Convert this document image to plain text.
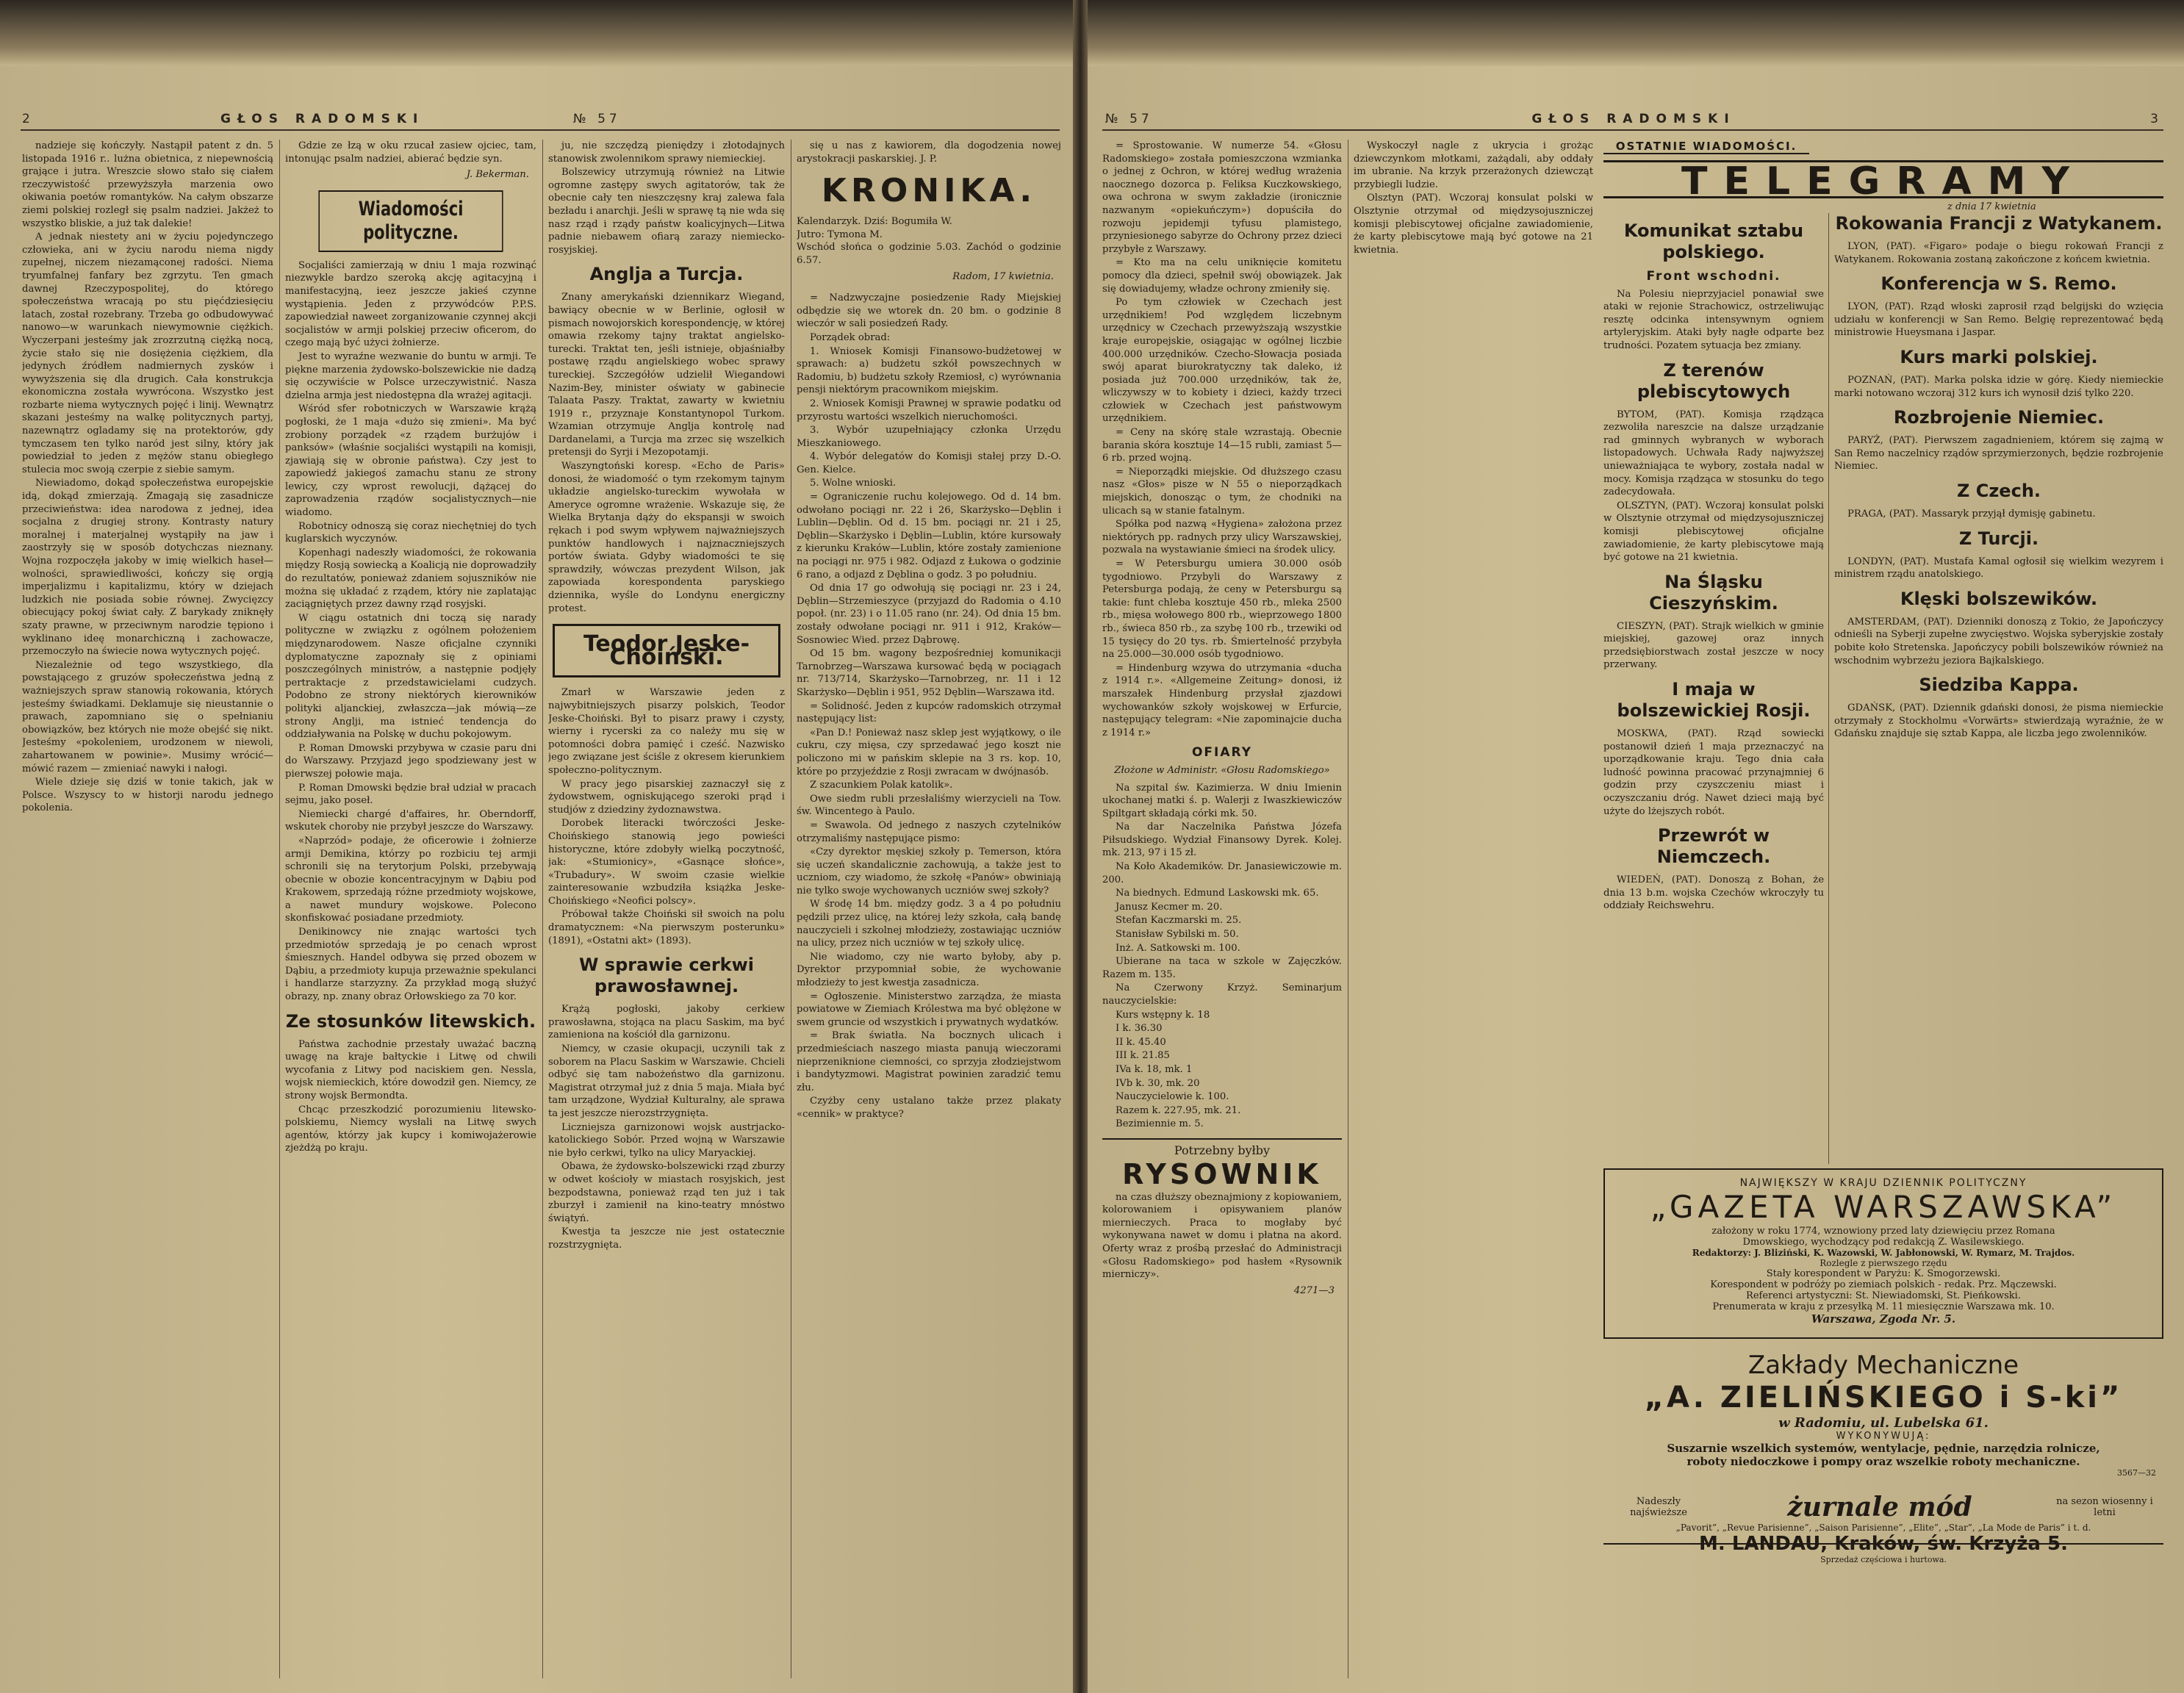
2	GŁOS RADOMSKI	№ 57	№ 57	GŁOS RADOMSKI	3

nadzieje się kończyły. Nastąpił patent z dn. 5 listopada 1916 r.. lużna obietnica, z niepewnością grające i jutra. Wreszcie słowo stało się ciałem rzeczywistość przewyższyła marzenia owo okiwania poetów romantyków. Na całym obszarze ziemi polskiej rozległ się psalm nadziei. Jakżeż to wszystko bliskie, a już tak dalekie!

A jednak niestety ani w życiu pojedynczego człowieka, ani w życiu narodu niema nigdy zupełnej, niczem niezamąconej radości. Niema tryumfalnej fanfary bez zgrzytu. Ten gmach dawnej Rzeczypospolitej, do którego społeczeństwa wracają po stu pięćdziesięciu latach, został rozebrany. Trzeba go odbudowywać nanowo—w warunkach niewymownie ciężkich. Wyczerpani jesteśmy jak zrozrzutną ciężką nocą, życie stało się nie dosiężenia ciężkiem, dla jedynych źródłem nadmiernych zysków i wywyższenia się dla drugich. Cała konstrukcja ekonomiczna została wywrócona. Wszystko jest rozbarte niema wytycznych pojęć i linij. Wewnątrz skazani jesteśmy na walkę politycznych partyj, nazewnątrz ogladamy się na protektorów, gdy tymczasem ten tylko naród jest silny, który jak powiedział to jeden z mężów stanu obiegłego stulecia moc swoją czerpie z siebie samym.

Niewiadomo, dokąd społeczeństwa europejskie idą, dokąd zmierzają. Zmagają się zasadnicze przeciwieństwa: idea narodowa z jednej, idea socjalna z drugiej strony. Kontrasty natury moralnej i materjalnej wystąpiły na jaw i zaostrzyły się w sposób dotychczas nieznany. Wojna rozpoczęła jakoby w imię wielkich haseł—wolności, sprawiedliwości, kończy się orgją imperjalizmu i kapitalizmu, który w dziejach ludzkich nie posiada sobie równej. Zwycięzcy obiecujący pokoj świat cały. Z barykady zniknęły szaty prawne, w przeciwnym narodzie tępiono i wyklinano ideę monarchiczną i zachowacze, przemoczyło na świecie nowa wytycznych pojęć.

Niezależnie od tego wszystkiego, dla powstającego z gruzów społeczeństwa jedną z ważniejszych spraw stanowią rokowania, których jesteśmy świadkami. Deklamuje się nieustannie o prawach, zapomniano się o spełnianiu obowiązków, bez których nie może obejść się nikt. Jesteśmy «pokoleniem, urodzonem w niewoli, zahartowanem w powinie». Musimy wrócić—mówić razem — zmieniać nawyki i nałogi.

Wiele dzieje się dziś w tonie takich, jak w Polsce. Wszyscy to w historji narodu jednego pokolenia.

Gdzie ze łzą w oku rzucał zasiew ojciec, tam, intonując psalm nadziei, abierać będzie syn.

J. Bekerman.
Wiadomości polityczne.

Socjaliści zamierzają w dniu 1 maja rozwinąć niezwykle bardzo szeroką akcję agitacyjną i manifestacyjną, ieez jeszcze jakieś czynne wystąpienia. Jeden z przywódców P.P.S. zapowiedział naweet zorganizowanie czynnej akcji socjalistów w armji polskiej przeciw oficerom, do czego mają być użyci żołnierze.

Jest to wyraźne wezwanie do buntu w armji. Te piękne marzenia żydowsko-bolszewickie nie dadzą się oczywiście w Polsce urzeczywistnić. Nasza dzielna armja jest niedostępna dla wrażej agitacji.

Wśród sfer robotniczych w Warszawie krążą pogłoski, że 1 maja «dużo się zmieni». Ma być zrobiony porządek «z rządem burżujów i panksów» (właśnie socjaliści wystąpili na komisji, zjawiają się w obronie państwa). Czy jest to zapowiedź jakiegoś zamachu stanu ze strony lewicy, czy wprost rewolucji, dążącej do zaprowadzenia rządów socjalistycznych—nie wiadomo.

Robotnicy odnoszą się coraz niechętniej do tych kuglarskich wyczynów.

Kopenhagi nadeszły wiadomości, że rokowania między Rosją sowiecką a Koalicją nie doprowadziły do rezultatów, ponieważ zdaniem sojuszników nie można się układać z rządem, który nie zaplatając zaciągniętych przez dawny rząd rosyjski.

W ciągu ostatnich dni toczą się narady polityczne w związku z ogólnem położeniem międzynarodowem. Nasze oficjalne czynniki dyplomatyczne zapoznały się z opiniami poszczególnych ministrów, a następnie podjęły pertraktacje z przedstawicielami cudzych. Podobno ze strony niektórych kierowników polityki aljanckiej, zwłaszcza—jak mówią—ze strony Anglji, ma istnieć tendencja do oddziaływania na Polskę w duchu pokojowym.

P. Roman Dmowski przybywa w czasie paru dni do Warszawy. Przyjazd jego spodziewany jest w pierwszej połowie maja.

P. Roman Dmowski będzie brał udział w pracach sejmu, jako poseł.

Niemiecki chargé d'affaires, hr. Oberndorff, wskutek choroby nie przybył jeszcze do Warszawy.

«Naprzód» podaje, że oficerowie i żołnierze armji Demikina, którzy po rozbiciu tej armji schronili się na terytorjum Polski, przebywają obecnie w obozie koncentracyjnym w Dąbiu pod Krakowem, sprzedają różne przedmioty wojskowe, a nawet mundury wojskowe. Polecono skonfiskować posiadane przedmioty.

Denikinowcy nie znając wartości tych przedmiotów sprzedają je po cenach wprost śmiesznych. Handel odbywa się przed obozem w Dąbiu, a przedmioty kupuja przeważnie spekulanci i handlarze starzyzny. Za przykład mogą służyć obrazy, np. znany obraz Orłowskiego za 70 kor.

Ze stosunków litewskich.

Państwa zachodnie przestały uważać baczną uwagę na kraje bałtyckie i Litwę od chwili wycofania z Litwy pod naciskiem gen. Nessla, wojsk niemieckich, które dowodził gen. Niemcy, ze strony wojsk Bermondta.

Chcąc przeszkodzić porozumieniu litewsko-polskiemu, Niemcy wysłali na Litwę swych agentów, którzy jak kupcy i komiwojażerowie zjeżdżą po kraju.

ju, nie szczędzą pieniędzy i złotodajnych stanowisk zwolennikom sprawy niemieckiej.

Bolszewicy utrzymują również na Litwie ogromne zastępy swych agitatorów, tak że obecnie cały ten nieszczęsny kraj zalewa fala bezładu i anarchji. Jeśli w sprawę tą nie wda się nasz rząd i rządy państw koalicyjnych—Litwa padnie niebawem ofiarą zarazy niemiecko-rosyjskiej.

Anglja a Turcja.

Znany amerykański dziennikarz Wiegand, bawiący obecnie w w Berlinie, ogłosił w pismach nowojorskich korespondencję, w której omawia rzekomy tajny traktat angielsko-turecki. Traktat ten, jeśli istnieje, objaśniałby postawę rządu angielskiego wobec sprawy tureckiej. Szczegółów udzielił Wiegandowi Nazim-Bey, minister oświaty w gabinecie Talaata Paszy. Traktat, zawarty w kwietniu 1919 r., przyznaje Konstantynopol Turkom. Wzamian otrzymuje Anglja kontrolę nad Dardanelami, a Turcja ma zrzec się wszelkich pretensji do Syrji i Mezopotamji.

Waszyngtoński koresp. «Echo de Paris» donosi, że wiadomość o tym rzekomym tajnym układzie angielsko-tureckim wywołała w Ameryce ogromne wrażenie. Wskazuje się, że Wielka Brytanja dąży do ekspansji w swoich rękach i pod swym wpływem najważniejszych punktów handlowych i najznaczniejszych portów świata. Gdyby wiadomości te się sprawdziły, wówczas prezydent Wilson, jak zapowiada korespondenta paryskiego dziennika, wyśle do Londynu energiczny protest.

Teodor Jeske-Choiński.

Zmarł w Warszawie jeden z najwybitniejszych pisarzy polskich, Teodor Jeske-Choiński. Był to pisarz prawy i czysty, wierny i rycerski za co należy mu się w potomności dobra pamięć i cześć. Nazwisko jego związane jest ściśle z okresem kierunkiem społeczno-politycznym.

W pracy jego pisarskiej zaznaczył się z żydowstwem, ogniskującego szeroki prąd i studjów z dziedziny żydoznawstwa.

Dorobek literacki twórczości Jeske-Choińskiego stanowią jego powieści historyczne, które zdobyły wielką poczytność, jak: «Stumionicy», «Gasnące słońce», «Trubadury». W swoim czasie wielkie zainteresowanie wzbudziła książka Jeske-Choińskiego «Neofici polscy».

Próbował także Choiński sił swoich na polu dramatycznem: «Na pierwszym posterunku» (1891), «Ostatni akt» (1893).

W sprawie cerkwi prawosławnej.

Krążą pogłoski, jakoby cerkiew prawosławna, stojąca na placu Saskim, ma być zamieniona na kościół dla garnizonu.

Niemcy, w czasie okupacji, uczynili tak z soborem na Placu Saskim w Warszawie. Chcieli odbyć się tam nabożeństwo dla garnizonu. Magistrat otrzymał już z dnia 5 maja. Miała być tam urządzone, Wydział Kulturalny, ale sprawa ta jest jeszcze nierozstrzygnięta.

Liczniejsza garnizonowi wojsk austrjacko-katolickiego Sobór. Przed wojną w Warszawie nie było cerkwi, tylko na ulicy Maryackiej.

Obawa, że żydowsko-bolszewicki rząd zburzy w odwet kościoły w miastach rosyjskich, jest bezpodstawna, ponieważ rząd ten już i tak zburzył i zamienił na kino-teatry mnóstwo świątyń.

Kwestja ta jeszcze nie jest ostatecznie rozstrzygnięta.

się u nas z kawiorem, dla dogodzenia nowej arystokracji paskarskiej. J. P.

KRONIKA.
Kalendarzyk. Dziś: Bogumiła W.
Jutro: Tymona M.
Wschód słońca o godzinie 5.03. Zachód o godzinie 6.57.
Radom, 17 kwietnia.

= Nadzwyczajne posiedzenie Rady Miejskiej odbędzie się we wtorek dn. 20 bm. o godzinie 8 wieczór w sali posiedzeń Rady.

Porządek obrad:

1. Wniosek Komisji Finansowo-budżetowej w sprawach: a) budżetu szkół powszechnych w Radomiu, b) budżetu szkoły Rzemiosł, c) wyrównania pensji niektórym pracownikom miejskim.

2. Wniosek Komisji Prawnej w sprawie podatku od przyrostu wartości wszelkich nieruchomości.

3. Wybór uzupełniający członka Urzędu Mieszkaniowego.

4. Wybór delegatów do Komisji stałej przy D.-O. Gen. Kielce.

5. Wolne wnioski.

= Ograniczenie ruchu kolejowego. Od d. 14 bm. odwołano pociągi nr. 22 i 26, Skarżysko—Dęblin i Lublin—Dęblin. Od d. 15 bm. pociągi nr. 21 i 25, Dęblin—Skarżysko i Dęblin—Lublin, które kursowały z kierunku Kraków—Lublin, które zostały zamienione na pociągi nr. 975 i 982. Odjazd z Łukowa o godzinie 6 rano, a odjazd z Dęblina o godz. 3 po południu.

Od dnia 17 go odwołują się pociągi nr. 23 i 24, Dęblin—Strzemieszyce (przyjazd do Radomia o 4.10 popoł. (nr. 23) i o 11.05 rano (nr. 24). Od dnia 15 bm. zostały odwołane pociągi nr. 911 i 912, Kraków—Sosnowiec Wied. przez Dąbrowę.

Od 15 bm. wagony bezpośredniej komunikacji Tarnobrzeg—Warszawa kursować będą w pociągach nr. 713/714, Skarżysko—Tarnobrzeg, nr. 11 i 12 Skarżysko—Dęblin i 951, 952 Dęblin—Warszawa itd.

= Solidność. Jeden z kupców radomskich otrzymał następujący list:

«Pan D.! Ponieważ nasz sklep jest wyjątkowy, o ile cukru, czy mięsa, czy sprzedawać jego koszt nie policzono mi w pańskim sklepie na 3 rs. kop. 10, które po przyjeździe z Rosji zwracam w dwójnasób.

Z szacunkiem Polak katolik».

Owe siedm rubli przesłaliśmy wierzycieli na Tow. św. Wincentego à Paulo.

= Swawola. Od jednego z naszych czytelników otrzymaliśmy następujące pismo:

«Czy dyrektor męskiej szkoły p. Temerson, która się uczeń skandalicznie zachowują, a także jest to uczniom, czy wiadomo, że szkołę «Panów» obwiniają nie tylko swoje wychowanych uczniów swej szkoły?

W środę 14 bm. między godz. 3 a 4 po południu pędzili przez ulicę, na której leży szkoła, całą bandę nauczycieli i szkolnej młodzieży, zostawiając uczniów na ulicy, przez nich uczniów w tej szkoły ulicę.

Nie wiadomo, czy nie warto byłoby, aby p. Dyrektor przypomniał sobie, że wychowanie młodzieży to jest kwestja zasadnicza.

= Ogłoszenie. Ministerstwo zarządza, że miasta powiatowe w Ziemiach Królestwa ma być oblężone w swem gruncie od wszystkich i prywatnych wydatków.

= Brak światła. Na bocznych ulicach i przedmieściach naszego miasta panują wieczorami nieprzeniknione ciemności, co sprzyja złodziejstwom i bandytyzmowi. Magistrat powinien zaradzić temu złu.

Czyżby ceny ustalano także przez plakaty «cennik» w praktyce?

= Sprostowanie. W numerze 54. «Głosu Radomskiego» została pomieszczona wzmianka o jednej z Ochron, w której według wrażenia naocznego dozorca p. Feliksa Kuczkowskiego, owa ochrona w swym zakładzie (ironicznie nazwanym «opiekuńczym») dopuściła do rozwoju jepidemji tyfusu plamistego, przyniesionego sabyrze do Ochrony przez dzieci przybyłe z Warszawy.

= Kto ma na celu uniknięcie komitetu pomocy dla dzieci, spełnił swój obowiązek. Jak się dowiadujemy, władze ochrony zmieniły się.

Po tym człowiek w Czechach jest urzędnikiem! Pod względem liczebnym urzędnicy w Czechach przewyższają wszystkie kraje europejskie, osiągając w ogólnej liczbie 400.000 urzędników. Czecho-Słowacja posiada swój aparat biurokratyczny tak daleko, iż posiada już 700.000 urzędników, tak że, wliczywszy w to kobiety i dzieci, każdy trzeci człowiek w Czechach jest państwowym urzędnikiem.

= Ceny na skórę stale wzrastają. Obecnie barania skóra kosztuje 14—15 rubli, zamiast 5—6 rb. przed wojną.

= Nieporządki miejskie. Od dłuższego czasu nasz «Głos» pisze w N 55 o nieporządkach miejskich, donosząc o tym, że chodniki na ulicach są w stanie fatalnym.

Spółka pod nazwą «Hygiena» założona przez niektórych pp. radnych przy ulicy Warszawskiej, pozwala na wystawianie śmieci na środek ulicy.

= W Petersburgu umiera 30.000 osób tygodniowo. Przybyli do Warszawy z Petersburga podają, że ceny w Petersburgu są takie: funt chleba kosztuje 450 rb., mleka 2500 rb., mięsa wołowego 800 rb., wieprzowego 1800 rb., świeca 850 rb., za szybę 100 rb., trzewiki od 15 tysięcy do 20 tys. rb. Śmiertelność przybyła na 25.000—30.000 osób tygodniowo.

= Hindenburg wzywa do utrzymania «ducha z 1914 r.». «Allgemeine Zeitung» donosi, iż marszałek Hindenburg przysłał zjazdowi wychowanków szkoły wojskowej w Erfurcie, następujący telegram: «Nie zapominajcie ducha z 1914 r.»

OFIARY
Złożone w Administr. «Głosu Radomskiego»

Na szpital św. Kazimierza. W dniu Imienin ukochanej matki ś. p. Walerji z Iwaszkiewiczów Spiltgart składają córki mk. 50.

Na dar Naczelnika Państwa Józefa Piłsudskiego. Wydział Finansowy Dyrek. Kolej. mk. 213, 97 i 15 zł.

Na Koło Akademików. Dr. Janasiewiczowie m. 200.

Na biednych. Edmund Laskowski mk. 65.

Janusz Kecmer m. 20.

Stefan Kaczmarski m. 25.

Stanisław Sybilski m. 50.

Inż. A. Satkowski m. 100.

Ubierane na taca w szkole w Zajęczków. Razem m. 135.

Na Czerwony Krzyż. Seminarjum nauczycielskie:

Kurs wstępny k. 18

I k. 36.30

II k. 45.40

III k. 21.85

IVa k. 18, mk. 1

IVb k. 30, mk. 20

Nauczycielowie k. 100.

Razem k. 227.95, mk. 21.

Bezimiennie m. 5.

Potrzebny byłby
RYSOWNIK

na czas dłuższy obeznajmiony z kopiowaniem, kolorowaniem i opisywaniem planów miernieczych. Praca to mogłaby być wykonywana nawet w domu i płatna na akord. Oferty wraz z prośbą przesłać do Administracji «Głosu Radomskiego» pod hasłem «Rysownik mierniczy».

4271—3

Wyskoczył nagle z ukrycia i grożąc dziewczynkom młotkami, zażądali, aby oddały im ubranie. Na krzyk przerażonych dziewcząt przybiegli ludzie.

Olsztyn (PAT). Wczoraj konsulat polski w Olsztynie otrzymał od międzysojuszniczej komisji plebiscytowej oficjalne zawiadomienie, że karty plebiscytowe mają być gotowe na 21 kwietnia.

Komunikat sztabu polskiego.
Front wschodni.

Na Polesiu nieprzyjaciel ponawiał swe ataki w rejonie Strachowicz, ostrzeliwując resztę odcinka intensywnym ogniem artyleryjskim. Ataki były nagłe odparte bez trudności. Pozatem sytuacja bez zmiany.

Z terenów plebiscytowych

BYTOM, (PAT). Komisja rządząca zezwoliła nareszcie na dalsze urządzanie rad gminnych wybranych w wyborach listopadowych. Uchwała Rady najwyższej unieważniająca te wybory, została nadal w mocy. Komisja rządząca w stosunku do tego zadecydowała.

OLSZTYN, (PAT). Wczoraj konsulat polski w Olsztynie otrzymał od międzysojuszniczej komisji plebiscytowej oficjalne zawiadomienie, że karty plebiscytowe mają być gotowe na 21 kwietnia.

Na Śląsku Cieszyńskim.

CIESZYN, (PAT). Strajk wielkich w gminie miejskiej, gazowej oraz innych przedsiębiorstwach został jeszcze w nocy przerwany.

I maja w bolszewickiej Rosji.

MOSKWA, (PAT). Rząd sowiecki postanowił dzień 1 maja przeznaczyć na uporządkowanie kraju. Tego dnia cała ludność powinna pracować przynajmniej 6 godzin przy czyszczeniu miast i oczyszczaniu dróg. Nawet dzieci mają być użyte do lżejszych robót.

Przewrót w Niemczech.

WIEDEŃ, (PAT). Donoszą z Bohan, że dnia 13 b.m. wojska Czechów wkroczyły tu oddziały Reichswehru.

Rokowania Francji z Watykanem.

LYON, (PAT). «Figaro» podaje o biegu rokowań Francji z Watykanem. Rokowania zostaną zakończone z końcem kwietnia.

Konferencja w S. Remo.

LYON, (PAT). Rząd włoski zaprosił rząd belgijski do wzięcia udziału w konferencji w San Remo. Belgię reprezentować będą ministrowie Hueysmana i Jaspar.

Kurs marki polskiej.

POZNAŃ, (PAT). Marka polska idzie w górę. Kiedy niemieckie marki notowano wczoraj 312 kurs ich wynosił dziś tylko 220.

Rozbrojenie Niemiec.

PARYŻ, (PAT). Pierwszem zagadnieniem, którem się zajmą w San Remo naczelnicy rządów sprzymierzonych, będzie rozbrojenie Niemiec.

Z Czech.

PRAGA, (PAT). Massaryk przyjął dymisję gabinetu.

Z Turcji.

LONDYN, (PAT). Mustafa Kamal ogłosił się wielkim wezyrem i ministrem rządu anatolskiego.

Klęski bolszewików.

AMSTERDAM, (PAT). Dzienniki donoszą z Tokio, że Japończycy odnieśli na Syberji zupełne zwycięstwo. Wojska syberyjskie zostały pobite koło Stretenska. Japończycy pobili bolszewików również na wschodnim wybrzeżu jeziora Bajkalskiego.

Siedziba Kappa.

GDAŃSK, (PAT). Dziennik gdański donosi, że pisma niemieckie otrzymały z Stockholmu «Vorwärts» stwierdzają wyraźnie, że w Gdańsku znajduje się sztab Kappa, ale liczba jego zwolenników.

OSTATNIE WIADOMOŚCI.
TELEGRAMY
z dnia 17 kwietnia
NAJWIĘKSZY W KRAJU DZIENNIK POLITYCZNY
„GAZETA WARSZAWSKA”
założony w roku 1774, wznowiony przed laty dziewięciu przez Romana
Dmowskiego, wychodzący pod redakcją Z. Wasilewskiego.
Redaktorzy: J. Bliziński, K. Wazowski, W. Jabłonowski, W. Rymarz, M. Trajdos.
Rozlegle z pierwszego rzędu
Stały korespondent w Paryżu: K. Smogorzewski.
Korespondent w podróży po ziemiach polskich - redak. Prz. Mączewski.
Referenci artystyczni: St. Niewiadomski, St. Pieńkowski.
Prenumerata w kraju z przesyłką M. 11 miesięcznie Warszawa mk. 10.
Warszawa, Zgoda Nr. 5.
Zakłady Mechaniczne
„A. ZIELIŃSKIEGO i S-ki”
w Radomiu, ul. Lubelska 61.
WYKONYWUJĄ:
Suszarnie wszelkich systemów, wentylacje, pędnie, narzędzia rolnicze,
roboty niedoczkowe i pompy oraz wszelkie roboty mechaniczne.
3567—32
Nadeszły najświeższe	żurnale mód	na sezon wiosenny i letni
„Pavorit”, „Revue Parisienne”, „Saison Parisienne”, „Elite”, „Star”, „La Mode de Paris” i t. d.
M. LANDAU, Kraków, św. Krzyża 5.
Sprzedaż częściowa i hurtowa.
